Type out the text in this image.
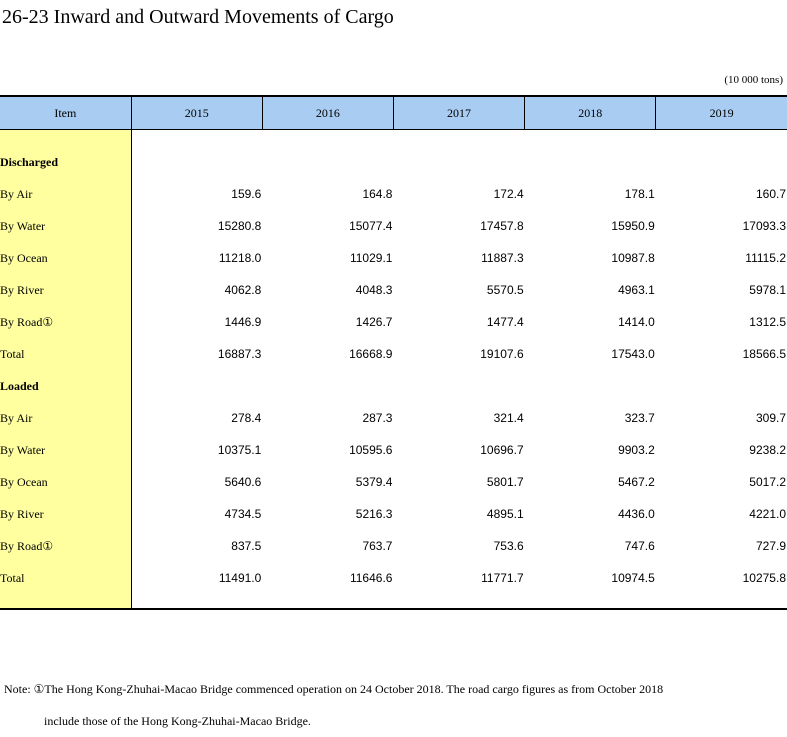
26-23 Inward and Outward Movements of Cargo
(10 000 tons)
Item	2015	2016	2017	2018	2019

Discharged					
By Air	159.6	164.8	172.4	178.1	160.7
By Water	15280.8	15077.4	17457.8	15950.9	17093.3
By Ocean	11218.0	11029.1	11887.3	10987.8	11115.2
By River	4062.8	4048.3	5570.5	4963.1	5978.1
By Road①	1446.9	1426.7	1477.4	1414.0	1312.5
Total	16887.3	16668.9	19107.6	17543.0	18566.5
Loaded					
By Air	278.4	287.3	321.4	323.7	309.7
By Water	10375.1	10595.6	10696.7	9903.2	9238.2
By Ocean	5640.6	5379.4	5801.7	5467.2	5017.2
By River	4734.5	5216.3	4895.1	4436.0	4221.0
By Road①	837.5	763.7	753.6	747.6	727.9
Total	11491.0	11646.6	11771.7	10974.5	10275.8

Note: ①The Hong Kong-Zhuhai-Macao Bridge commenced operation on 24 October 2018. The road cargo figures as from October 2018
include those of the Hong Kong-Zhuhai-Macao Bridge.
